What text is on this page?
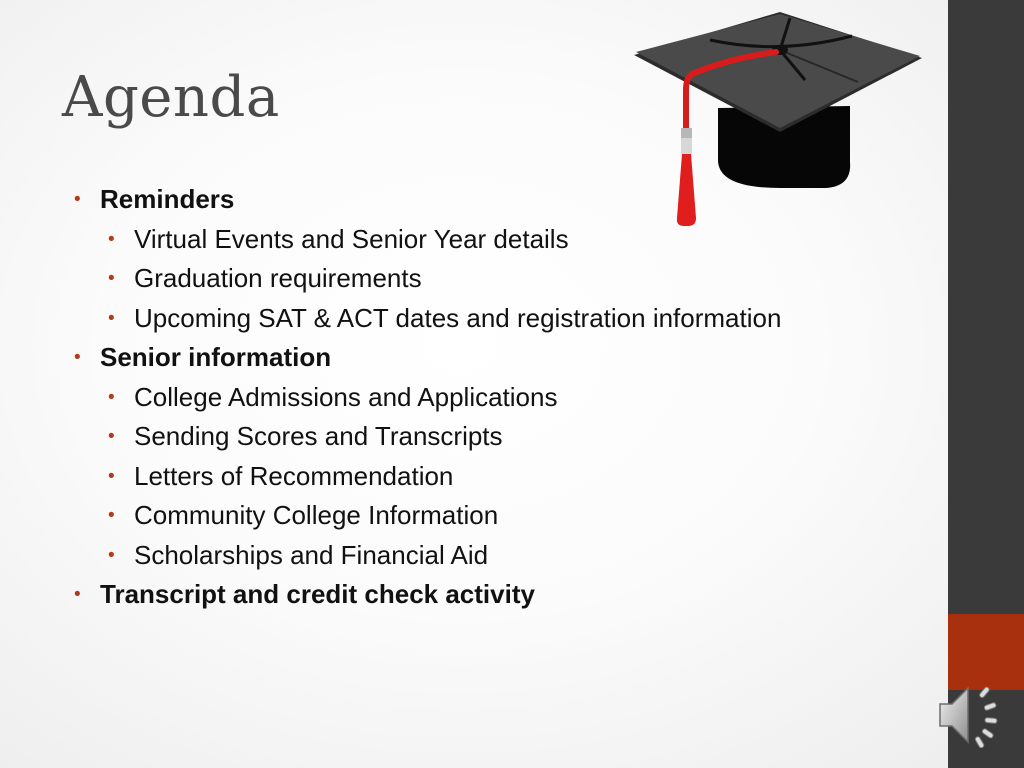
Agenda
• Reminders
• Virtual Events and Senior Year details
• Graduation requirements
• Upcoming SAT & ACT dates and registration information
• Senior information
• College Admissions and Applications
• Sending Scores and Transcripts
• Letters of Recommendation
• Community College Information
• Scholarships and Financial Aid
• Transcript and credit check activity
